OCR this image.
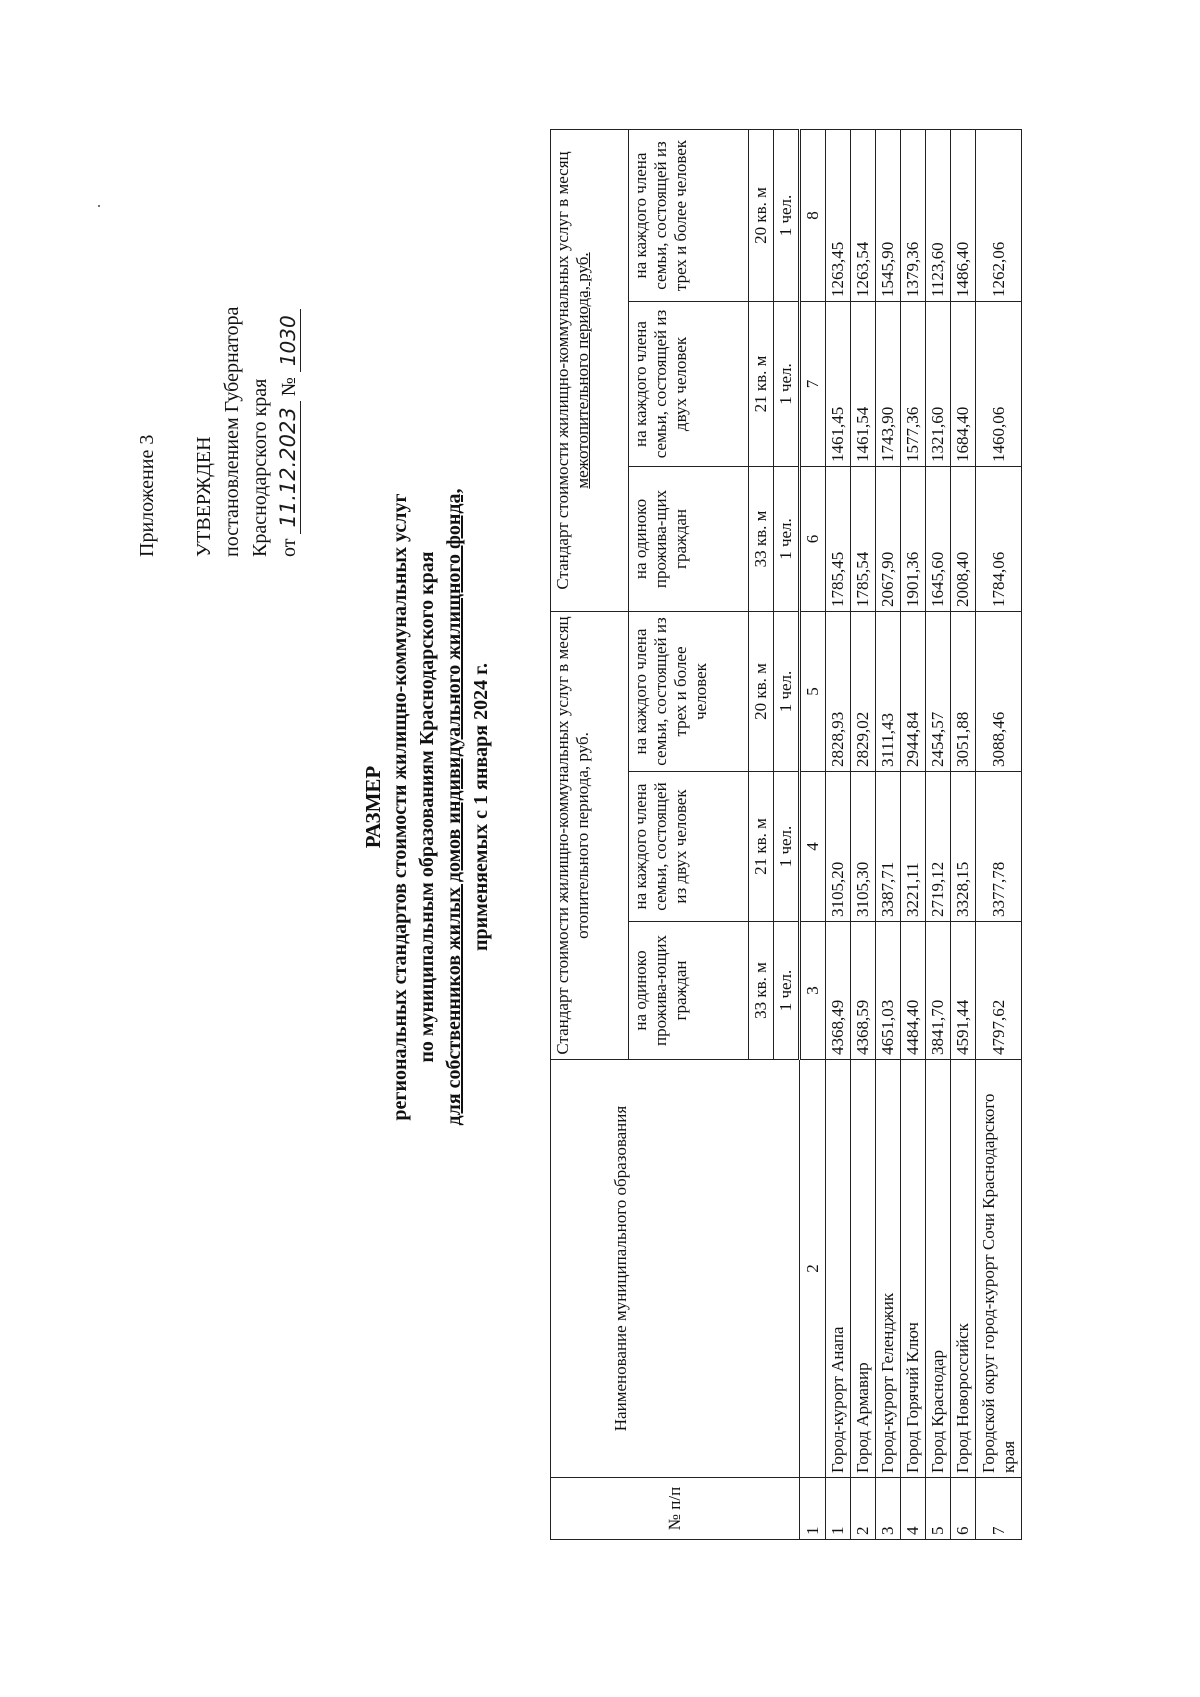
Приложение 3 УТВЕРЖДЕН постановлением Губернатора Краснодарского края от 11.12.2023 № 1030
РАЗМЕР региональных стандартов стоимости жилищно-коммунальных услуг по муниципальным образованиям Краснодарского края для собственников жилых домов индивидуального жилищного фонда, применяемых с 1 января 2024 г.
№ п/п	Наименование муниципального образования	Стандарт стоимости жилищно-коммунальных услуг в месяц отопительного периода, руб.			Стандарт стоимости жилищно-коммунальных услуг в месяц межотопительного периода, руб.		

		на одиноко прожива-ющих граждан	на каждого члена семьи, состоящей из двух человек	на каждого члена семьи, состоящей из трех и более человек	на одиноко прожива-щих граждан	на каждого члена семьи, состоящей из двух человек	на каждого члена семьи, состоящей из трех и более человек
		33 кв. м	21 кв. м	20 кв. м	33 кв. м	21 кв. м	20 кв. м
		1 чел.	1 чел.	1 чел.	1 чел.	1 чел.	1 чел.
1	2	3	4	5	6	7	8
1	Город-курорт Анапа	4368,49	3105,20	2828,93	1785,45	1461,45	1263,45
2	Город Армавир	4368,59	3105,30	2829,02	1785,54	1461,54	1263,54
3	Город-курорт Геленджик	4651,03	3387,71	3111,43	2067,90	1743,90	1545,90
4	Город Горячий Ключ	4484,40	3221,11	2944,84	1901,36	1577,36	1379,36
5	Город Краснодар	3841,70	2719,12	2454,57	1645,60	1321,60	1123,60
6	Город Новороссийск	4591,44	3328,15	3051,88	2008,40	1684,40	1486,40
7	Городской округ город-курорт Сочи Краснодарского края	4797,62	3377,78	3088,46	1784,06	1460,06	1262,06
